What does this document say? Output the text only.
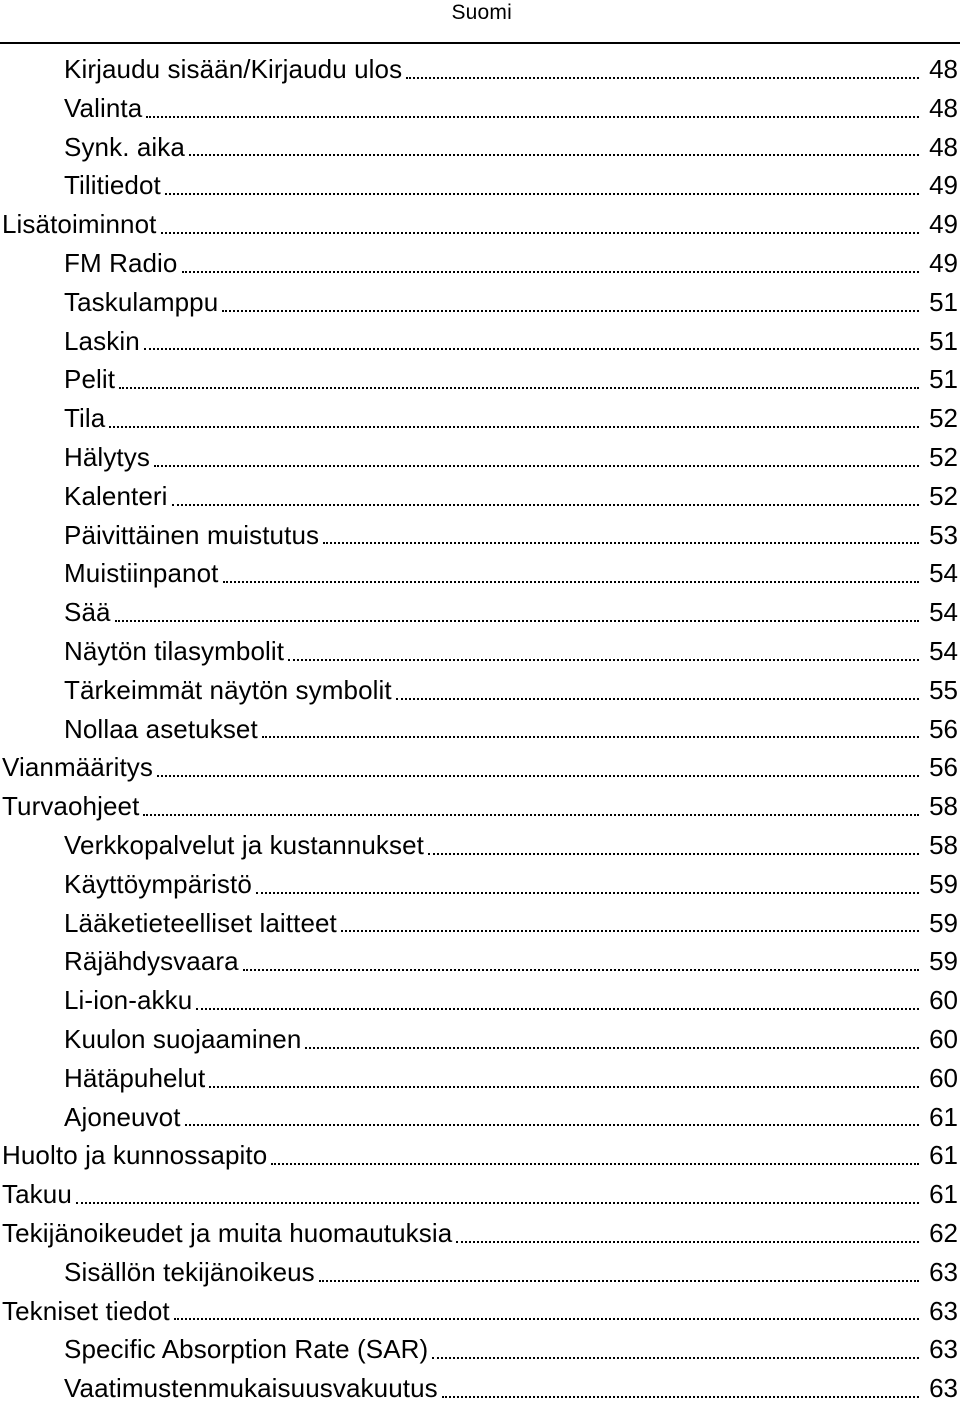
Suomi
Kirjaudu sisään/Kirjaudu ulos	48
Valinta	48
Synk. aika	48
Tilitiedot	49
Lisätoiminnot	49
FM Radio	49
Taskulamppu	51
Laskin	51
Pelit	51
Tila	52
Hälytys	52
Kalenteri	52
Päivittäinen muistutus	53
Muistiinpanot	54
Sää	54
Näytön tilasymbolit	54
Tärkeimmät näytön symbolit	55
Nollaa asetukset	56
Vianmääritys	56
Turvaohjeet	58
Verkkopalvelut ja kustannukset	58
Käyttöympäristö	59
Lääketieteelliset laitteet	59
Räjähdysvaara	59
Li-ion-akku	60
Kuulon suojaaminen	60
Hätäpuhelut	60
Ajoneuvot	61
Huolto ja kunnossapito	61
Takuu	61
Tekijänoikeudet ja muita huomautuksia	62
Sisällön tekijänoikeus	63
Tekniset tiedot	63
Specific Absorption Rate (SAR)	63
Vaatimustenmukaisuusvakuutus	63
